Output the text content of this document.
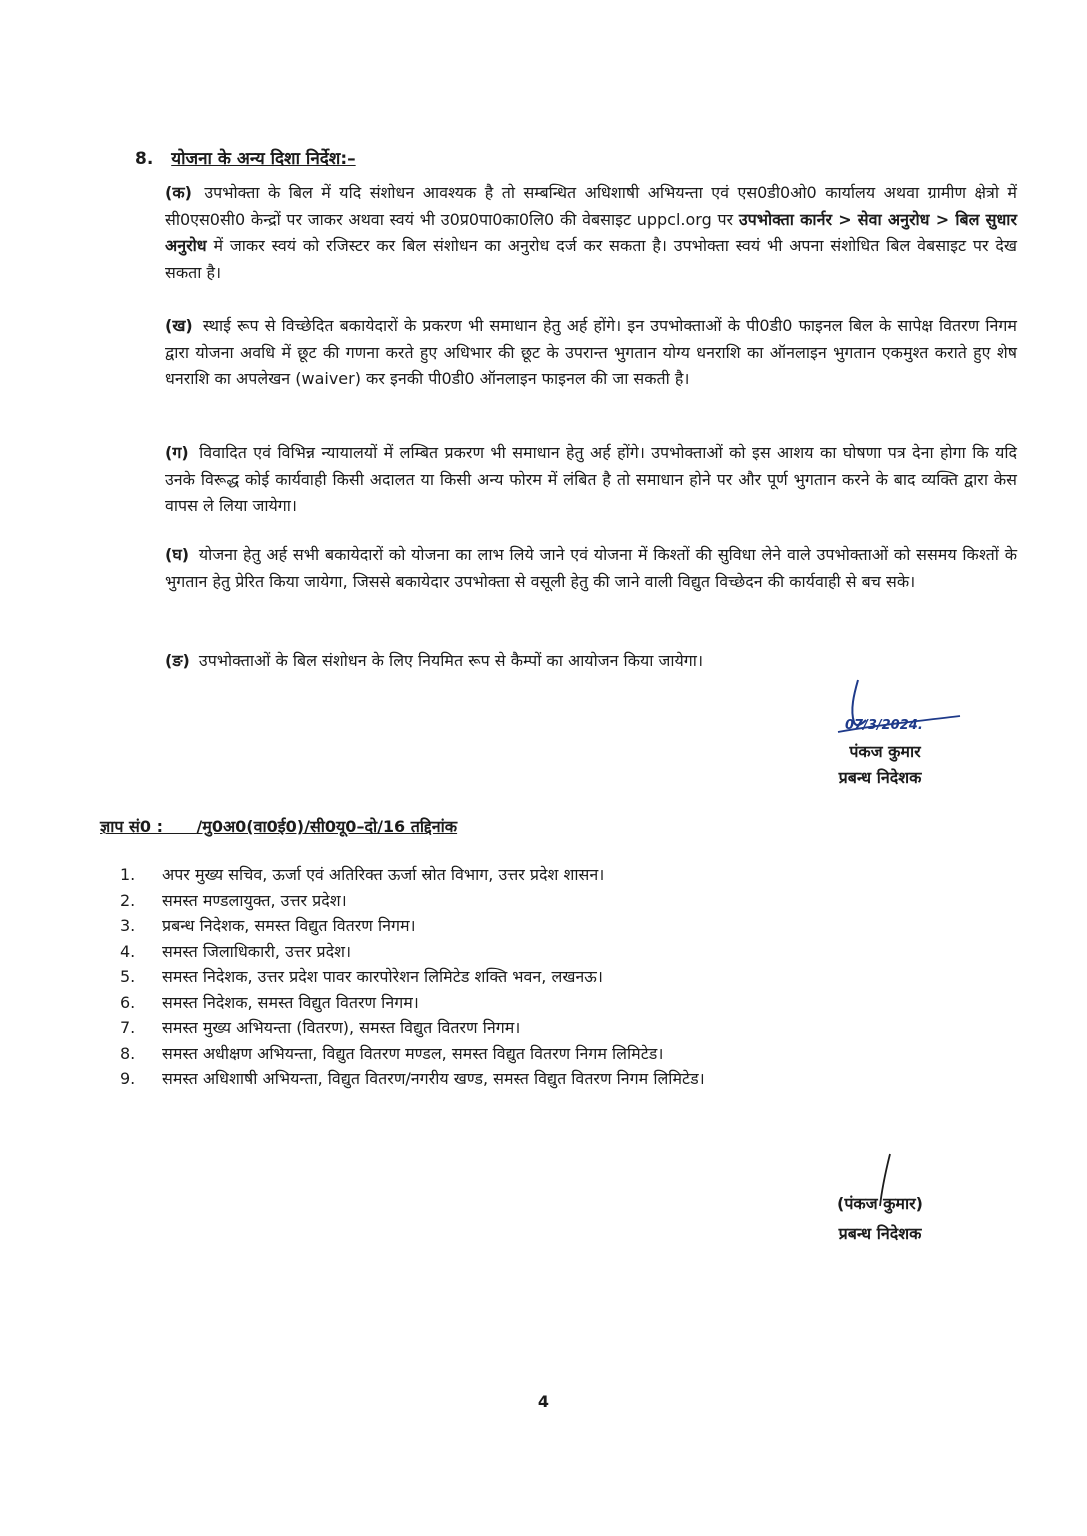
8. योजना के अन्य दिशा निर्देश:–

(क) उपभोक्ता के बिल में यदि संशोधन आवश्यक है तो सम्बन्धित अधिशाषी अभियन्ता एवं एस0डी0ओ0 कार्यालय अथवा ग्रामीण क्षेत्रो में सी0एस0सी0 केन्द्रों पर जाकर अथवा स्वयं भी उ0प्र0पा0का0लि0 की वेबसाइट uppcl.org पर उपभोक्ता कार्नर > सेवा अनुरोध > बिल सुधार अनुरोध में जाकर स्वयं को रजिस्टर कर बिल संशोधन का अनुरोध दर्ज कर सकता है। उपभोक्ता स्वयं भी अपना संशोधित बिल वेबसाइट पर देख सकता है।

(ख) स्थाई रूप से विच्छेदित बकायेदारों के प्रकरण भी समाधान हेतु अर्ह होंगे। इन उपभोक्ताओं के पी0डी0 फाइनल बिल के सापेक्ष वितरण निगम द्वारा योजना अवधि में छूट की गणना करते हुए अधिभार की छूट के उपरान्त भुगतान योग्य धनराशि का ऑनलाइन भुगतान एकमुश्त कराते हुए शेष धनराशि का अपलेखन (waiver) कर इनकी पी0डी0 ऑनलाइन फाइनल की जा सकती है।

(ग) विवादित एवं विभिन्न न्यायालयों में लम्बित प्रकरण भी समाधान हेतु अर्ह होंगे। उपभोक्ताओं को इस आशय का घोषणा पत्र देना होगा कि यदि उनके विरूद्ध कोई कार्यवाही किसी अदालत या किसी अन्य फोरम में लंबित है तो समाधान होने पर और पूर्ण भुगतान करने के बाद व्यक्ति द्वारा केस वापस ले लिया जायेगा।

(घ) योजना हेतु अर्ह सभी बकायेदारों को योजना का लाभ लिये जाने एवं योजना में किश्तों की सुविधा लेने वाले उपभोक्ताओं को ससमय किश्तों के भुगतान हेतु प्रेरित किया जायेगा, जिससे बकायेदार उपभोक्ता से वसूली हेतु की जाने वाली विद्युत विच्छेदन की कार्यवाही से बच सके।

(ङ) उपभोक्ताओं के बिल संशोधन के लिए नियमित रूप से कैम्पों का आयोजन किया जायेगा।

07/3/2024.
पंकज कुमार
प्रबन्ध निदेशक
ज्ञाप सं0 : /मु0अ0(वा0ई0)/सी0यू0–दो/16 तद्दिनांक
1.	अपर मुख्य सचिव, ऊर्जा एवं अतिरिक्त ऊर्जा स्रोत विभाग, उत्तर प्रदेश शासन।
2.	समस्त मण्डलायुक्त, उत्तर प्रदेश।
3.	प्रबन्ध निदेशक, समस्त विद्युत वितरण निगम।
4.	समस्त जिलाधिकारी, उत्तर प्रदेश।
5.	समस्त निदेशक, उत्तर प्रदेश पावर कारपोरेशन लिमिटेड शक्ति भवन, लखनऊ।
6.	समस्त निदेशक, समस्त विद्युत वितरण निगम।
7.	समस्त मुख्य अभियन्ता (वितरण), समस्त विद्युत वितरण निगम।
8.	समस्त अधीक्षण अभियन्ता, विद्युत वितरण मण्डल, समस्त विद्युत वितरण निगम लिमिटेड।
9.	समस्त अधिशाषी अभियन्ता, विद्युत वितरण/नगरीय खण्ड, समस्त विद्युत वितरण निगम लिमिटेड।
(पंकज कुमार)
प्रबन्ध निदेशक
4
